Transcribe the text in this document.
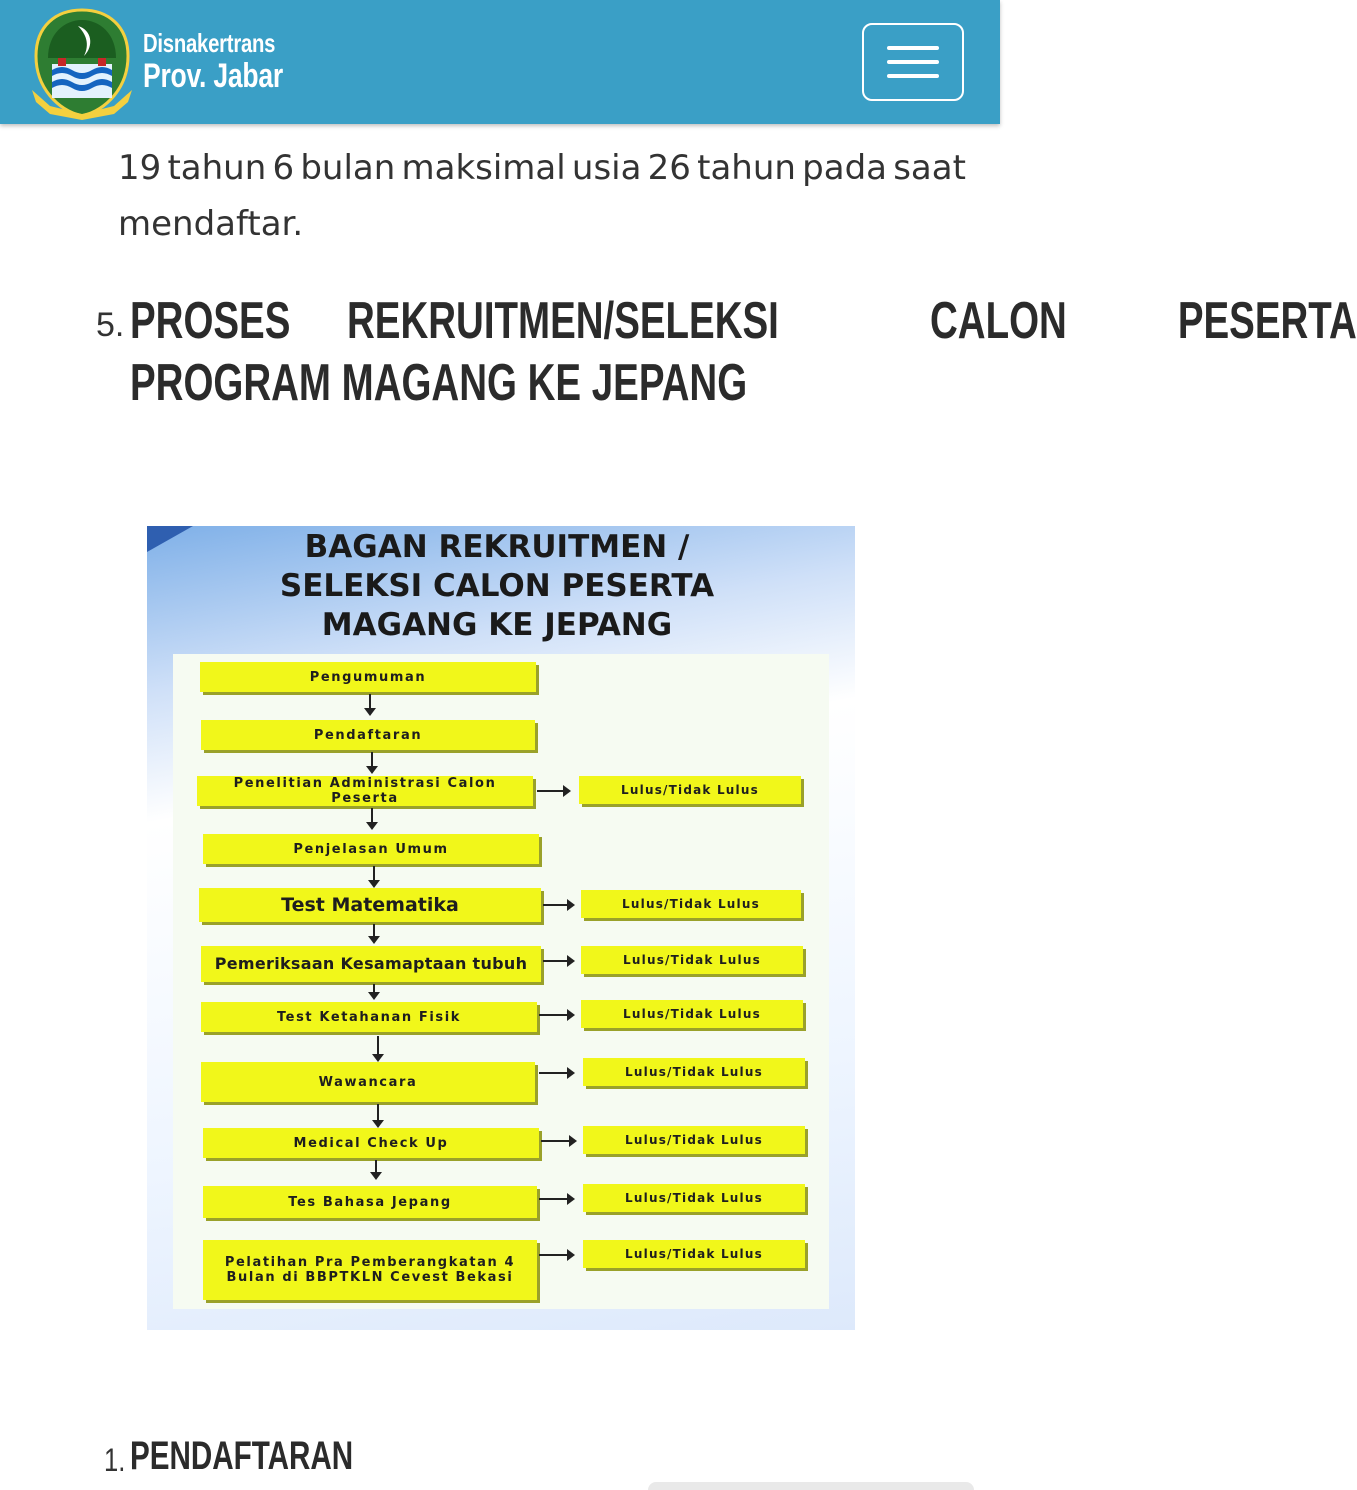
Disnakertrans
Prov. Jabar
19 tahun 6 bulan maksimal usia 26 tahun pada saat
mendaftar.
5. PROSES REKRUITMEN/SELEKSI	CALON PESERTA
PROGRAM MAGANG KE JEPANG
BAGAN REKRUITMEN /
SELEKSI CALON PESERTA
MAGANG KE JEPANG
Pengumuman
Pendaftaran
Penelitian Administrasi Calon Peserta
Penjelasan Umum
Test Matematika
Pemeriksaan Kesamaptaan tubuh
Test Ketahanan Fisik
Wawancara
Medical Check Up
Tes Bahasa Jepang
Pelatihan Pra Pemberangkatan 4 Bulan di BBPTKLN Cevest Bekasi
Lulus/Tidak Lulus
Lulus/Tidak Lulus
Lulus/Tidak Lulus
Lulus/Tidak Lulus
Lulus/Tidak Lulus
Lulus/Tidak Lulus
Lulus/Tidak Lulus
Lulus/Tidak Lulus
1. PENDAFTARAN
